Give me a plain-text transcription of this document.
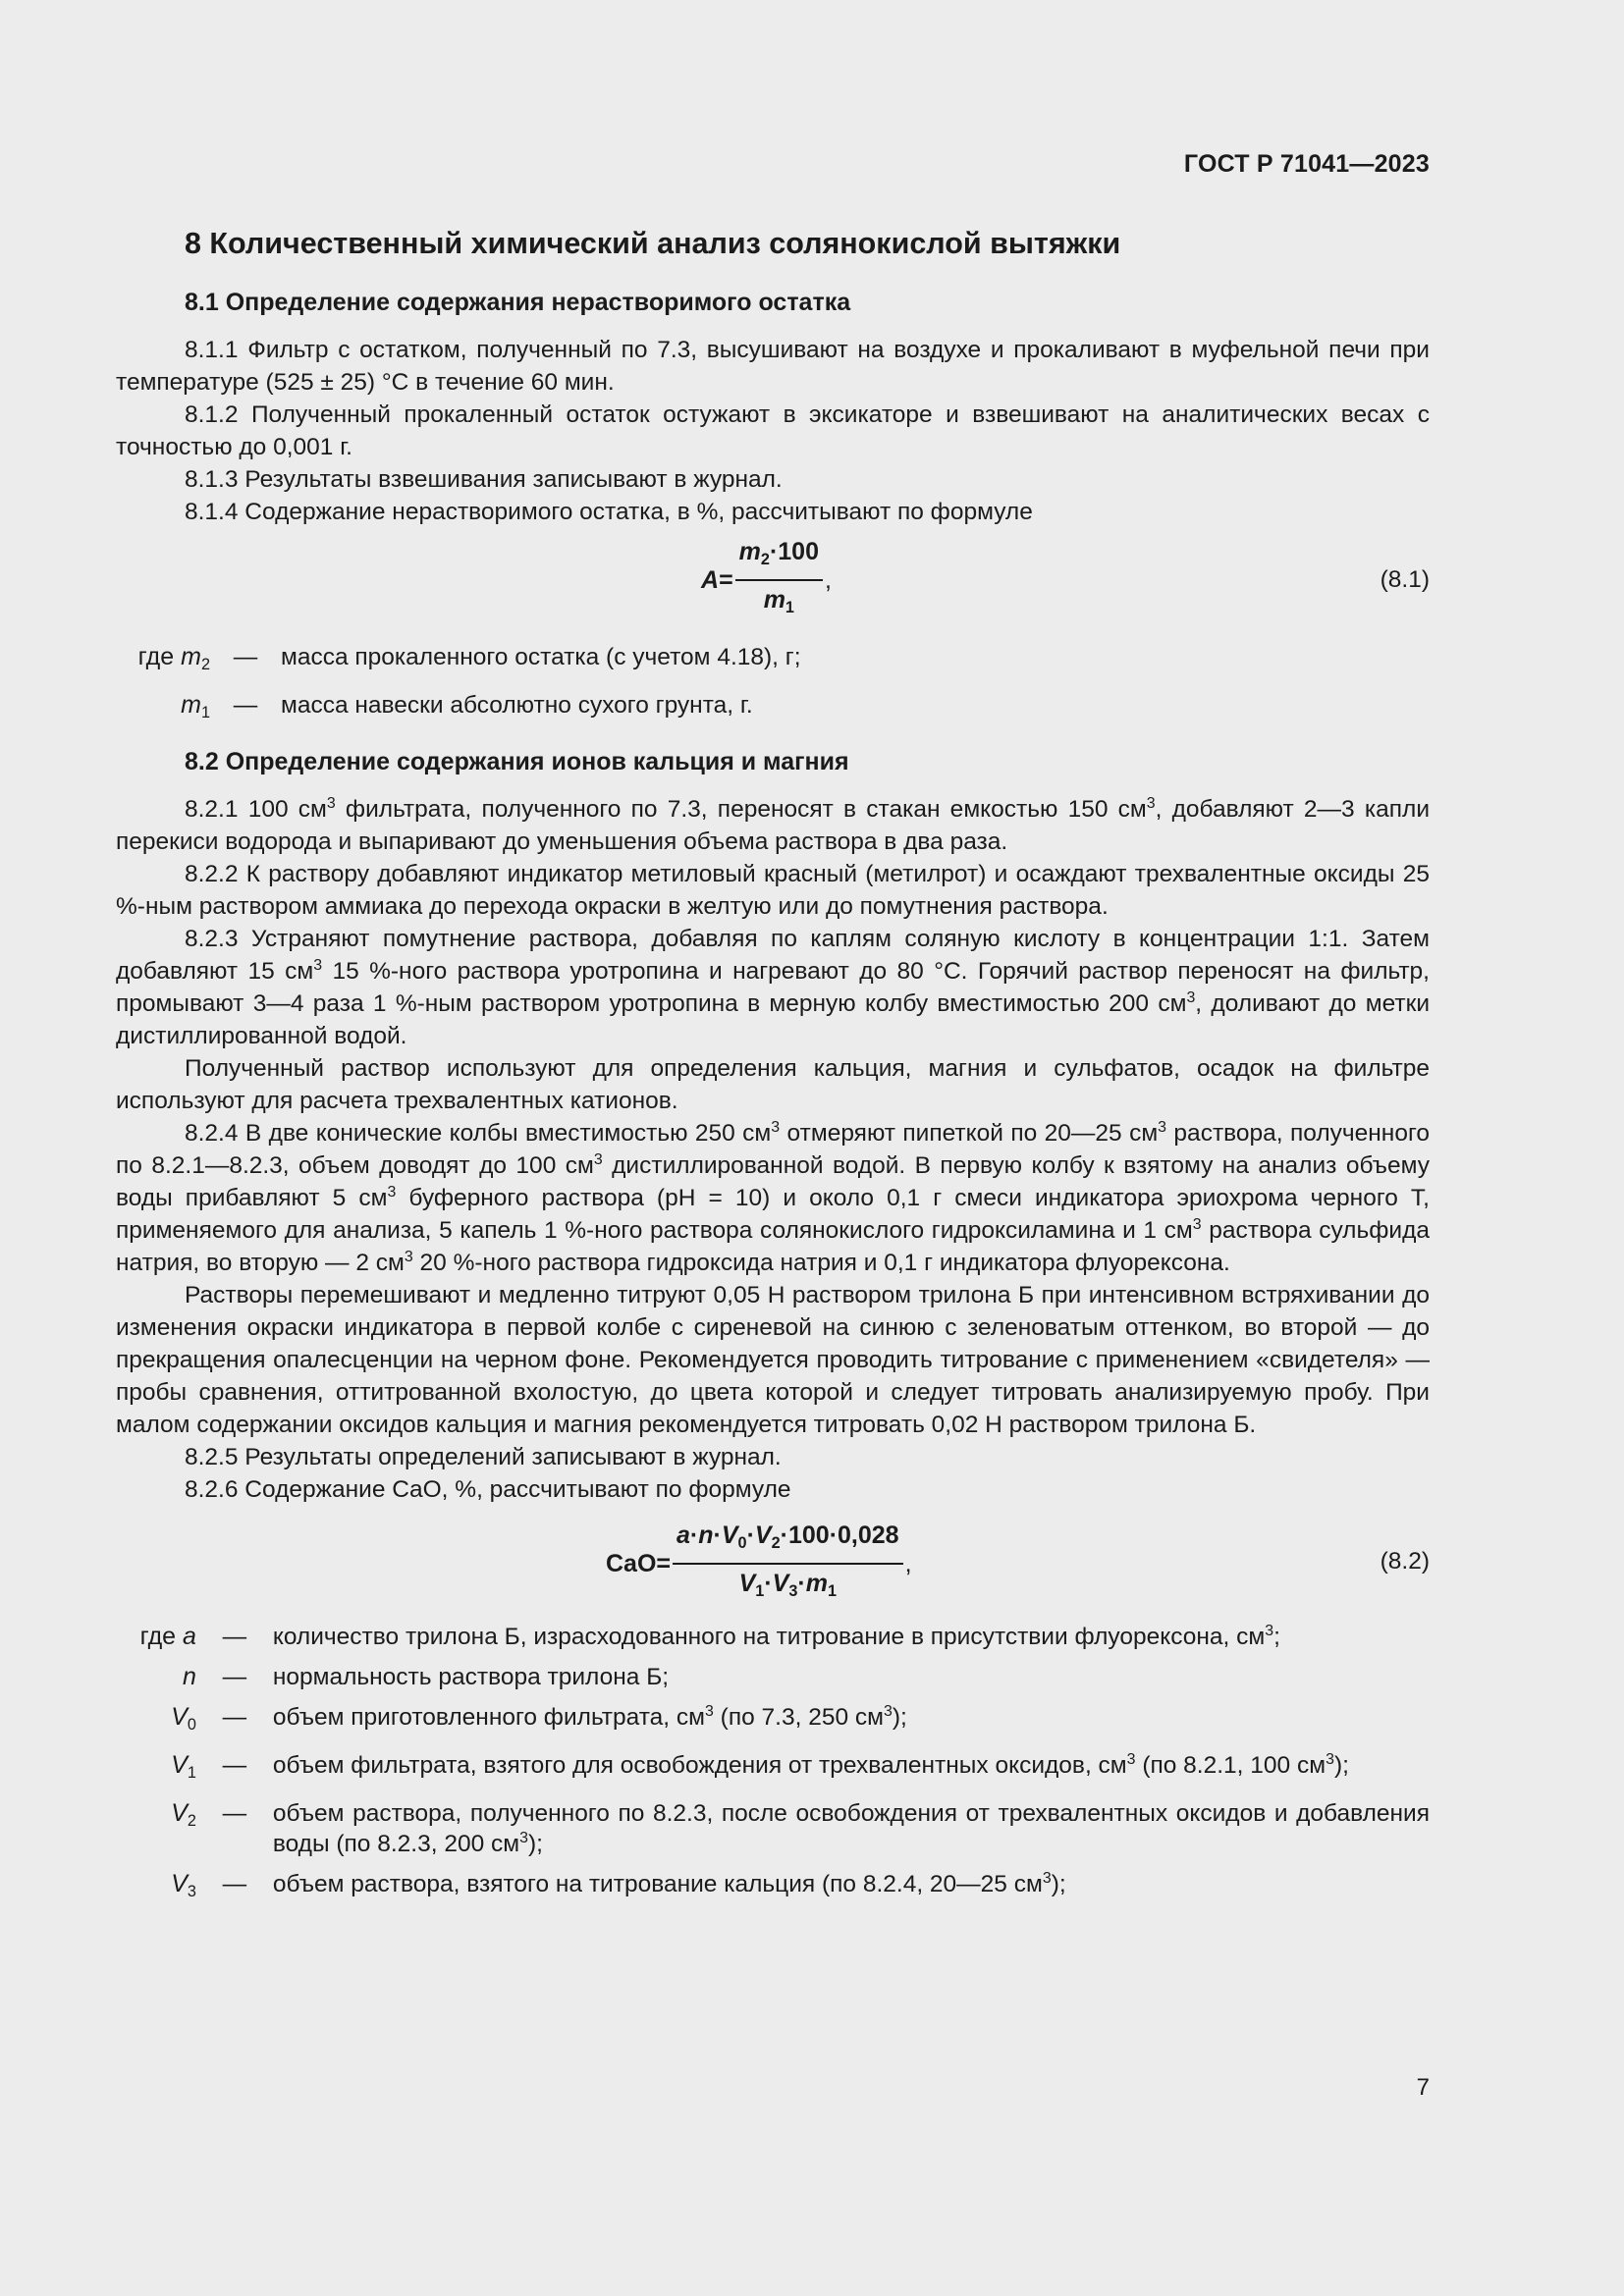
ГОСТ Р 71041—2023
8 Количественный химический анализ солянокислой вытяжки
8.1 Определение содержания нерастворимого остатка

8.1.1 Фильтр с остатком, полученный по 7.3, высушивают на воздухе и прокаливают в муфельной печи при температуре (525 ± 25) °С в течение 60 мин.

8.1.2 Полученный прокаленный остаток остужают в эксикаторе и взвешивают на аналитических весах с точностью до 0,001 г.

8.1.3 Результаты взвешивания записывают в журнал.

8.1.4 Содержание нерастворимого остатка, в %, рассчитывают по формуле

$A = \frac{m_2\cdot 100}{m_1}$ ,	(8.1)
где $m_2$	—	масса прокаленного остатка (с учетом 4.18), г;
$m_1$	—	масса навески абсолютно сухого грунта, г.
8.2 Определение содержания ионов кальция и магния

8.2.1 100 $см^3$ фильтрата, полученного по 7.3, переносят в стакан емкостью 150 $см^3$, добавляют 2—3 капли перекиси водорода и выпаривают до уменьшения объема раствора в два раза.

8.2.2 К раствору добавляют индикатор метиловый красный (метилрот) и осаждают трехвалентные оксиды 25 %-ным раствором аммиака до перехода окраски в желтую или до помутнения раствора.

8.2.3 Устраняют помутнение раствора, добавляя по каплям соляную кислоту в концентрации 1:1. Затем добавляют 15 $см^3$ 15 %-ного раствора уротропина и нагревают до 80 °С. Горячий раствор переносят на фильтр, промывают 3—4 раза 1 %-ным раствором уротропина в мерную колбу вместимостью 200 $см^3$, доливают до метки дистиллированной водой.

Полученный раствор используют для определения кальция, магния и сульфатов, осадок на фильтре используют для расчета трехвалентных катионов.

8.2.4 В две конические колбы вместимостью 250 $см^3$ отмеряют пипеткой по 20—25 $см^3$ раствора, полученного по 8.2.1—8.2.3, объем доводят до 100 $см^3$ дистиллированной водой. В первую колбу к взятому на анализ объему воды прибавляют 5 $см^3$ буферного раствора (pH = 10) и около 0,1 г смеси индикатора эриохрома черного Т, применяемого для анализа, 5 капель 1 %-ного раствора солянокислого гидроксиламина и 1 $см^3$ раствора сульфида натрия, во вторую — 2 $см^3$ 20 %-ного раствора гидроксида натрия и 0,1 г индикатора флуорексона.

Растворы перемешивают и медленно титруют 0,05 Н раствором трилона Б при интенсивном встряхивании до изменения окраски индикатора в первой колбе с сиреневой на синюю с зеленоватым оттенком, во второй — до прекращения опалесценции на черном фоне. Рекомендуется проводить титрование с применением «свидетеля» — пробы сравнения, оттитрованной вхолостую, до цвета которой и следует титровать анализируемую пробу. При малом содержании оксидов кальция и магния рекомендуется титровать 0,02 Н раствором трилона Б.

8.2.5 Результаты определений записывают в журнал.

8.2.6 Содержание CaO, %, рассчитывают по формуле

CaO = $\frac{a\cdot n\cdot V_0\cdot V_2\cdot 100\cdot 0,028}{V_1\cdot V_3\cdot m_1}$ ,	(8.2)
где a	—	количество трилона Б, израсходованного на титрование в присутствии флуорексона, $см^3$;
n	—	нормальность раствора трилона Б;
$V_0$	—	объем приготовленного фильтрата, $см^3$ (по 7.3, 250 $см^3$);
$V_1$	—	объем фильтрата, взятого для освобождения от трехвалентных оксидов, $см^3$ (по 8.2.1, 100 $см^3$);
$V_2$	—	объем раствора, полученного по 8.2.3, после освобождения от трехвалентных оксидов и добавления воды (по 8.2.3, 200 $см^3$);
$V_3$	—	объем раствора, взятого на титрование кальция (по 8.2.4, 20—25 $см^3$);
7
